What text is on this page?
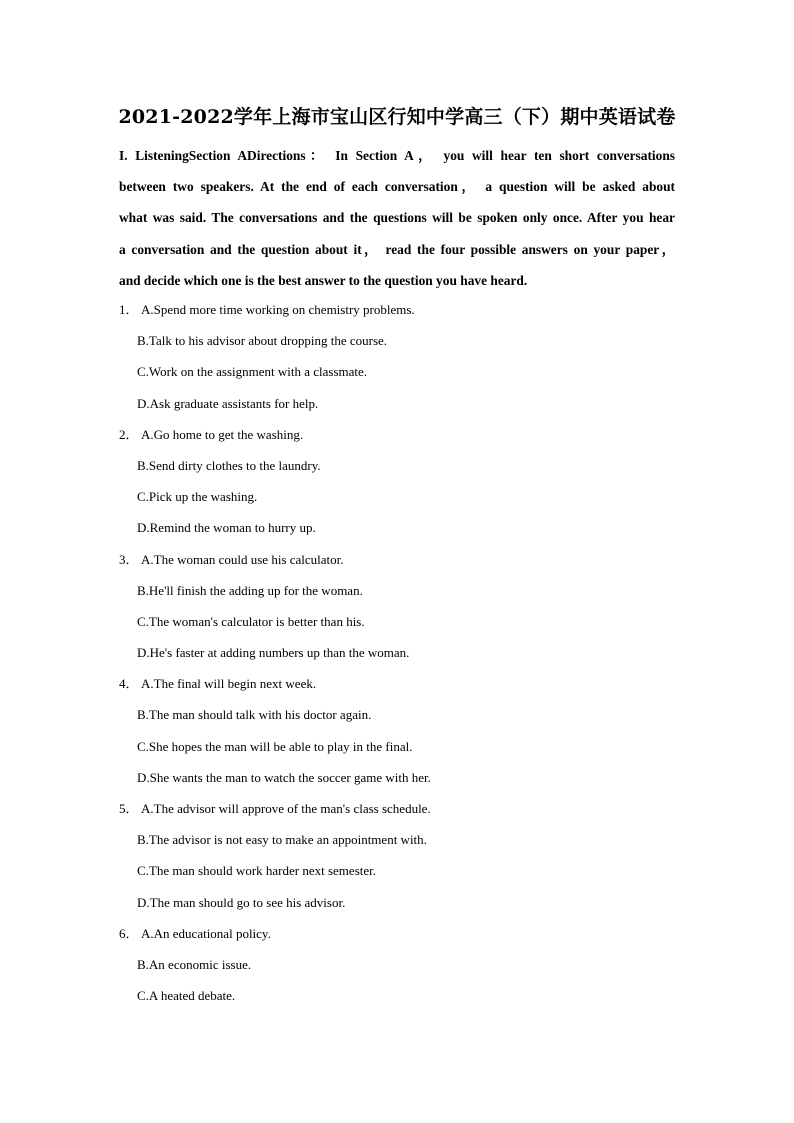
2021-2022学年上海市宝山区行知中学高三（下）期中英语试卷
I. ListeningSection ADirections： In Section A， you will hear ten short conversations
between two speakers. At the end of each conversation， a question will be asked about
what was said. The conversations and the questions will be spoken only once. After you hear
a conversation and the question about it， read the four possible answers on your paper，
and decide which one is the best answer to the question you have heard.
1． A.Spend more time working on chemistry problems.
B.Talk to his advisor about dropping the course.
C.Work on the assignment with a classmate.
D.Ask graduate assistants for help.
2． A.Go home to get the washing.
B.Send dirty clothes to the laundry.
C.Pick up the washing.
D.Remind the woman to hurry up.
3． A.The woman could use his calculator.
B.He'll finish the adding up for the woman.
C.The woman's calculator is better than his.
D.He's faster at adding numbers up than the woman.
4． A.The final will begin next week.
B.The man should talk with his doctor again.
C.She hopes the man will be able to play in the final.
D.She wants the man to watch the soccer game with her.
5． A.The advisor will approve of the man's class schedule.
B.The advisor is not easy to make an appointment with.
C.The man should work harder next semester.
D.The man should go to see his advisor.
6． A.An educational policy.
B.An economic issue.
C.A heated debate.
